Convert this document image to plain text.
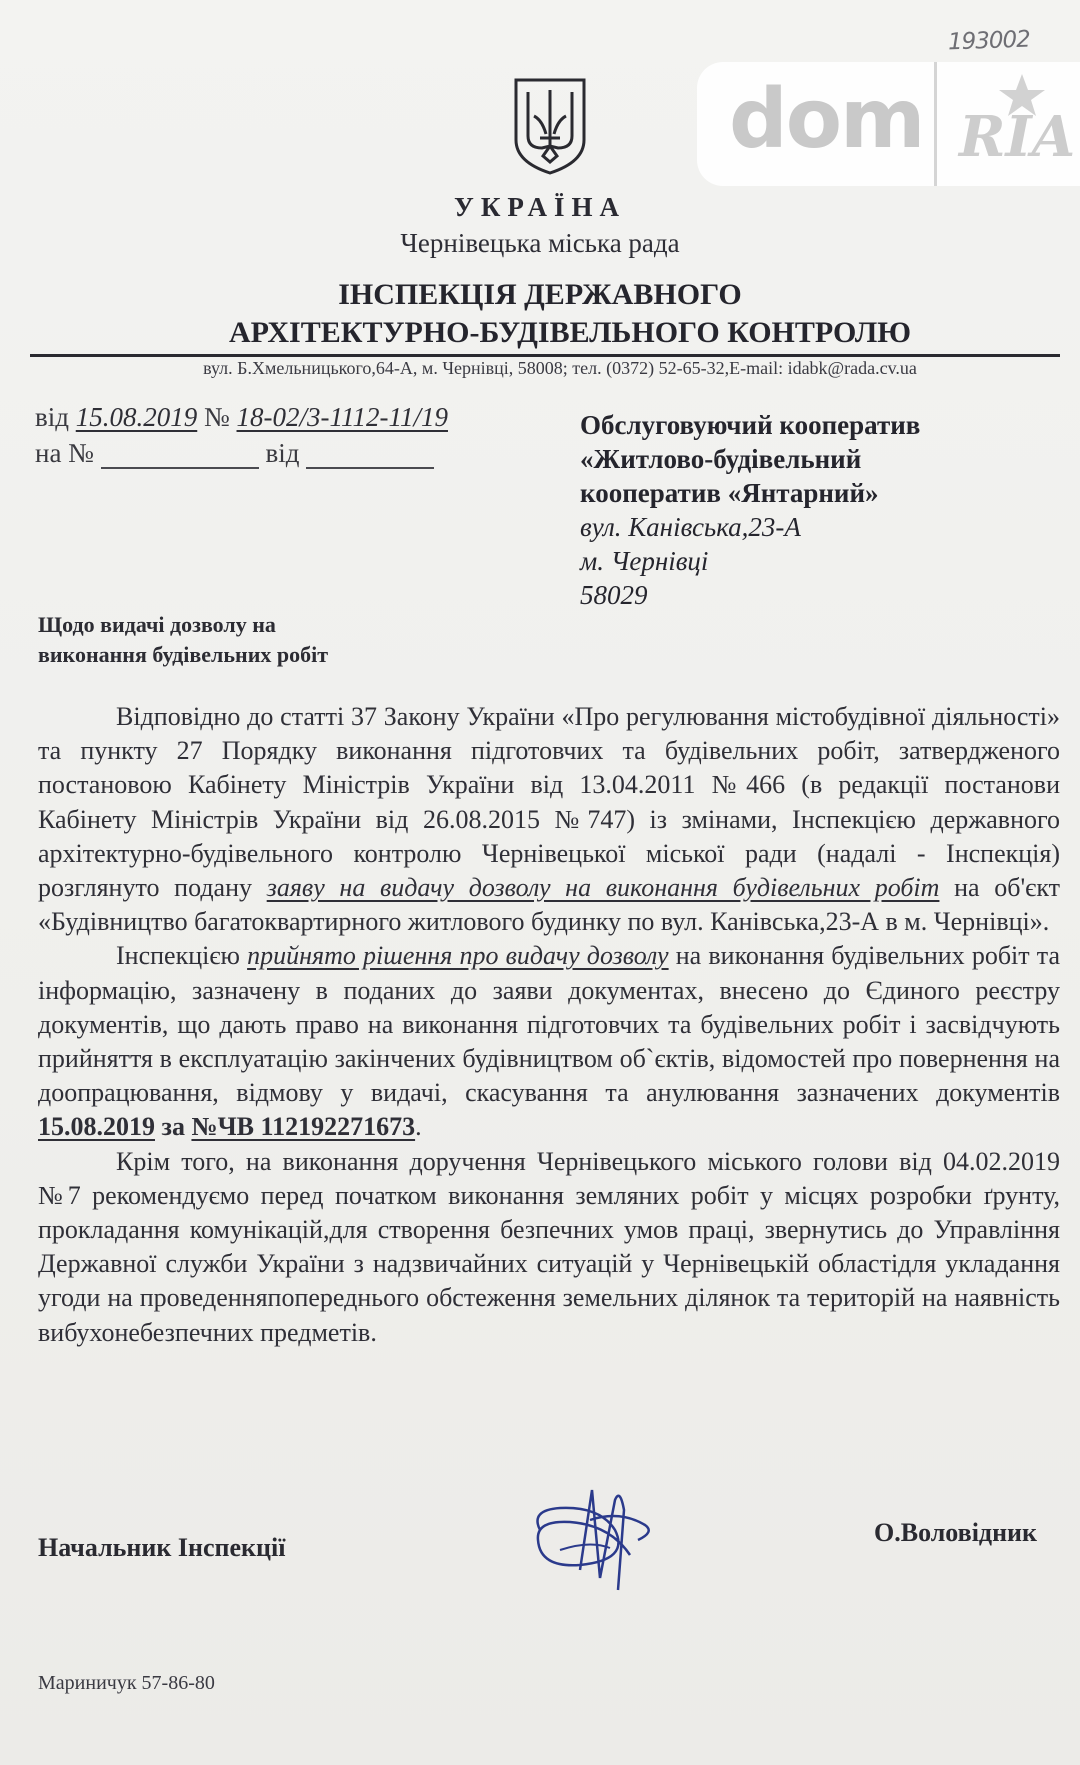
193002
dom RIA
УКРАЇНА
Чернівецька міська рада
ІНСПЕКЦІЯ ДЕРЖАВНОГО
АРХІТЕКТУРНО-БУДІВЕЛЬНОГО КОНТРОЛЮ
вул. Б.Хмельницького,64-А, м. Чернівці, 58008; тел. (0372) 52-65-32,E-mail: idabk@rada.cv.ua
від 15.08.2019 № 18-02/3-1112-11/19
на №	від
Обслуговуючий кооператив
«Житлово-будівельний
кооператив «Янтарний»
вул. Канівська,23-А
м. Чернівці
58029
Щодо видачі дозволу на
виконання будівельних робіт

Відповідно до статті 37 Закону України «Про регулювання містобудівної діяльності» та пункту 27 Порядку виконання підготовчих та будівельних робіт, затвердженого постановою Кабінету Міністрів України від 13.04.2011 №466 (в редакції постанови Кабінету Міністрів України від 26.08.2015 №747) із змінами, Інспекцією державного архітектурно-будівельного контролю Чернівецької міської ради (надалі - Інспекція) розглянуто подану заяву на видачу дозволу на виконання будівельних робіт на об'єкт «Будівництво багатоквартирного житлового будинку по вул. Канівська,23-А в м. Чернівці».

Інспекцією прийнято рішення про видачу дозволу на виконання будівельних робіт та інформацію, зазначену в поданих до заяви документах, внесено до Єдиного реєстру документів, що дають право на виконання підготовчих та будівельних робіт і засвідчують прийняття в експлуатацію закінчених будівництвом об`єктів, відомостей про повернення на доопрацювання, відмову у видачі, скасування та анулювання зазначених документів 15.08.2019 за №ЧВ 112192271673.

Крім того, на виконання доручення Чернівецького міського голови від 04.02.2019 №7 рекомендуємо перед початком виконання земляних робіт у місцях розробки ґрунту, прокладання комунікацій,для створення безпечних умов праці, звернутись до Управління Державної служби України з надзвичайних ситуацій у Чернівецькій областідля укладання угоди на проведенняпопереднього обстеження земельних ділянок та територій на наявність вибухонебезпечних предметів.

Начальник Інспекції
О.Воловідник
Мариничук 57-86-80
